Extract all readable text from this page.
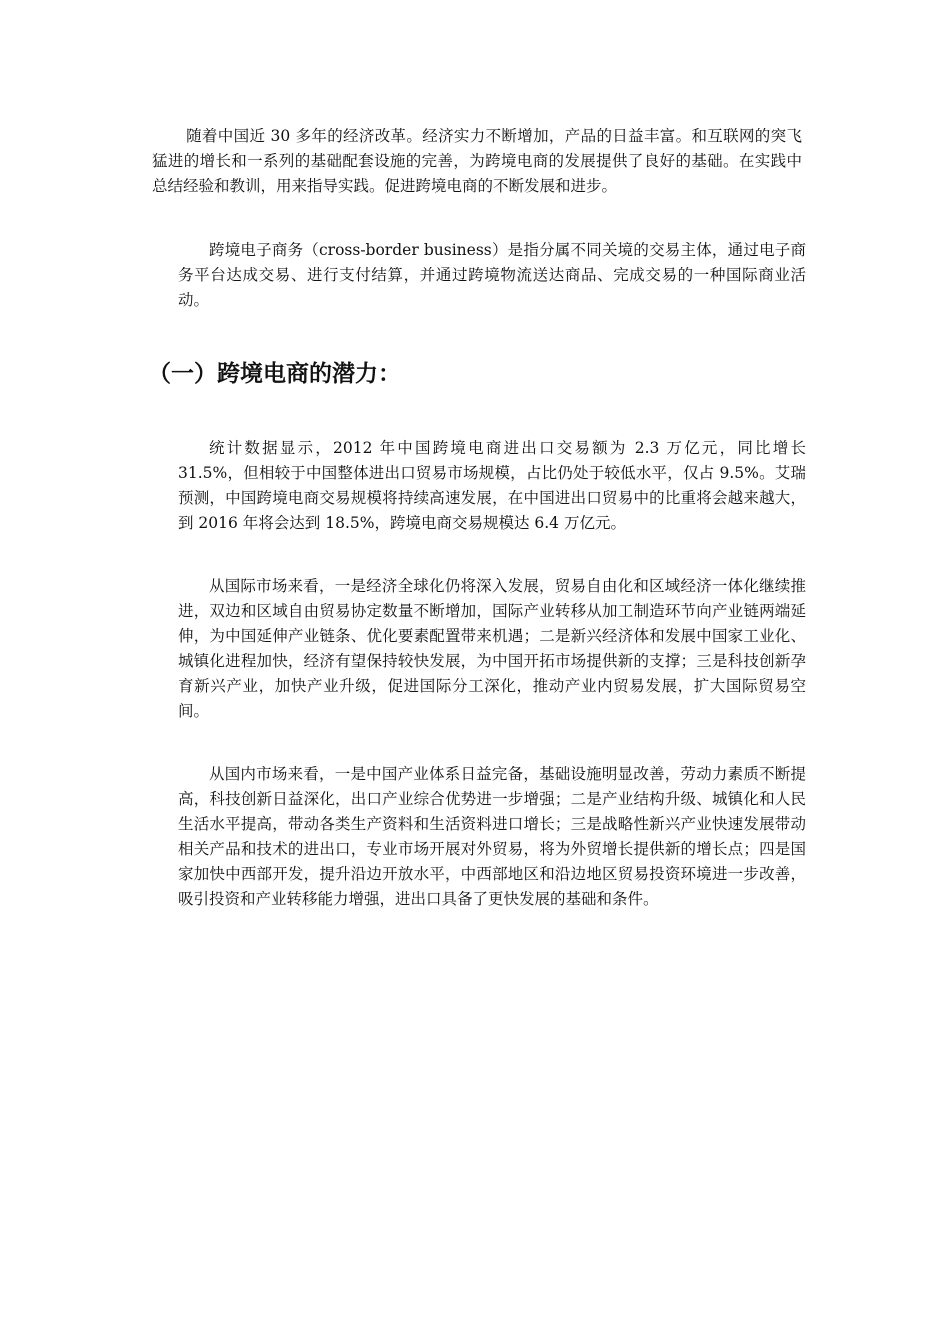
随着中国近 30 多年的经济改革。经济实力不断增加，产品的日益丰富。和互联网的突飞猛进的增长和一系列的基础配套设施的完善，为跨境电商的发展提供了良好的基础。在实践中总结经验和教训，用来指导实践。促进跨境电商的不断发展和进步。

跨境电子商务（cross-border business）是指分属不同关境的交易主体，通过电子商务平台达成交易、进行支付结算，并通过跨境物流送达商品、完成交易的一种国际商业活动。

（一）跨境电商的潜力：

统计数据显示，2012 年中国跨境电商进出口交易额为 2.3 万亿元，同比增长 31.5%，但相较于中国整体进出口贸易市场规模，占比仍处于较低水平，仅占 9.5%。艾瑞预测，中国跨境电商交易规模将持续高速发展，在中国进出口贸易中的比重将会越来越大，到 2016 年将会达到 18.5%，跨境电商交易规模达 6.4 万亿元。

从国际市场来看，一是经济全球化仍将深入发展，贸易自由化和区域经济一体化继续推进，双边和区域自由贸易协定数量不断增加，国际产业转移从加工制造环节向产业链两端延伸，为中国延伸产业链条、优化要素配置带来机遇；二是新兴经济体和发展中国家工业化、城镇化进程加快，经济有望保持较快发展，为中国开拓市场提供新的支撑；三是科技创新孕育新兴产业，加快产业升级，促进国际分工深化，推动产业内贸易发展，扩大国际贸易空间。

从国内市场来看，一是中国产业体系日益完备，基础设施明显改善，劳动力素质不断提高，科技创新日益深化，出口产业综合优势进一步增强；二是产业结构升级、城镇化和人民生活水平提高，带动各类生产资料和生活资料进口增长；三是战略性新兴产业快速发展带动相关产品和技术的进出口，专业市场开展对外贸易，将为外贸增长提供新的增长点；四是国家加快中西部开发，提升沿边开放水平，中西部地区和沿边地区贸易投资环境进一步改善，吸引投资和产业转移能力增强，进出口具备了更快发展的基础和条件。
